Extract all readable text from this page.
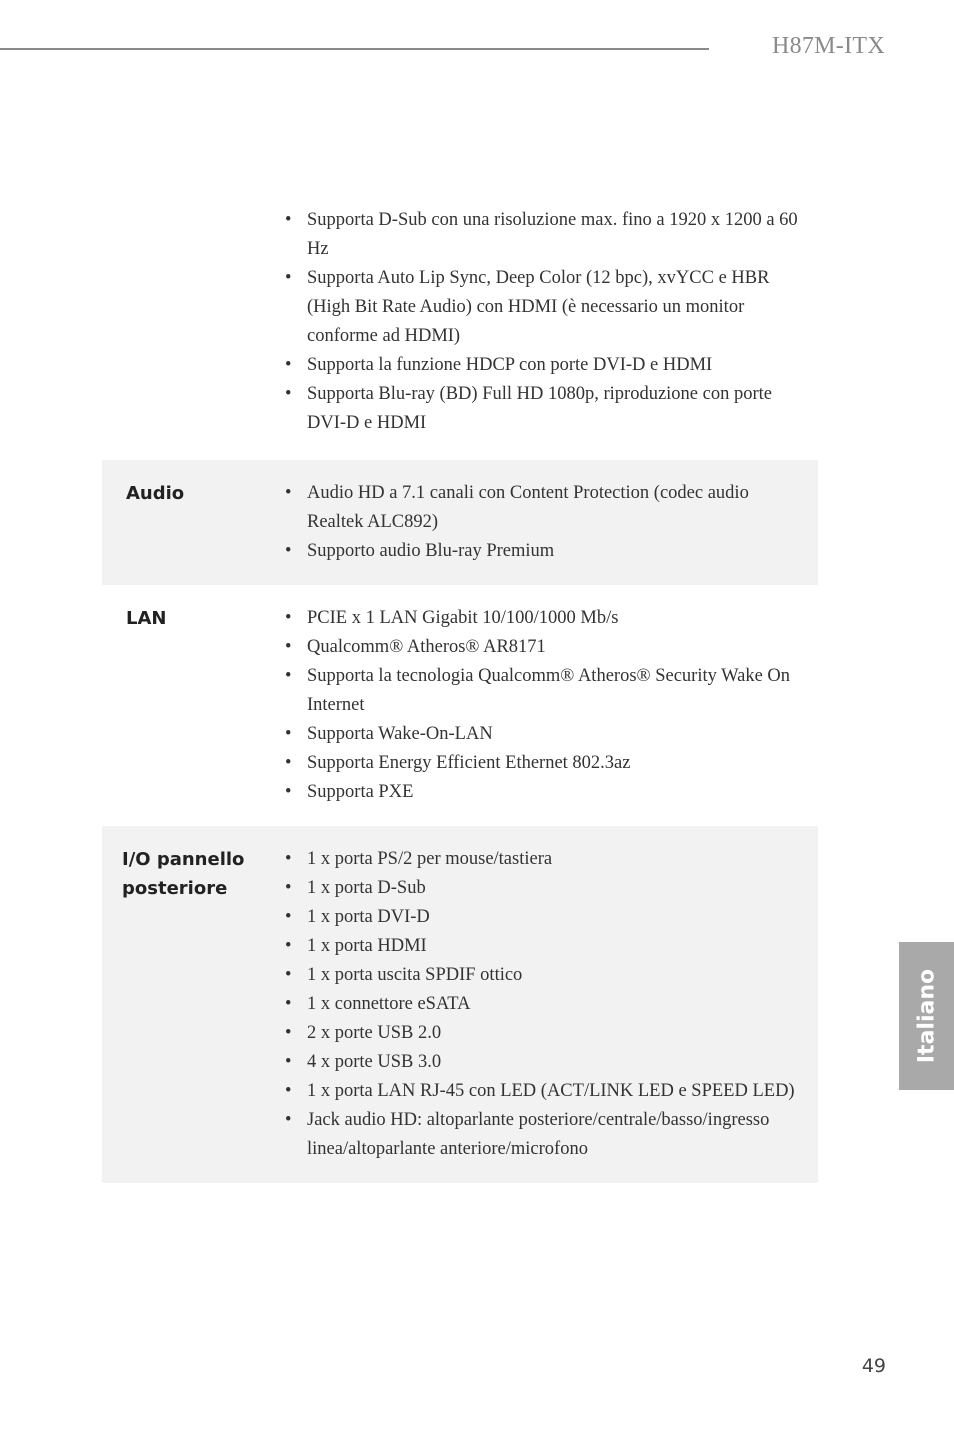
H87M-ITX
• Supporta D-Sub con una risoluzione max. fino a 1920 x 1200 a 60 Hz
• Supporta Auto Lip Sync, Deep Color (12 bpc), xvYCC e HBR (High Bit Rate Audio) con HDMI (è necessario un monitor conforme ad HDMI)
• Supporta la funzione HDCP con porte DVI-D e HDMI
• Supporta Blu-ray (BD) Full HD 1080p, riproduzione con porte DVI-D e HDMI
Audio	• Audio HD a 7.1 canali con Content Protection (codec audio Realtek ALC892)
• Supporto audio Blu-ray Premium
LAN	• PCIE x 1 LAN Gigabit 10/100/1000 Mb/s
• Qualcomm® Atheros® AR8171
• Supporta la tecnologia Qualcomm® Atheros® Security Wake On Internet
• Supporta Wake-On-LAN
• Supporta Energy Efficient Ethernet 802.3az
• Supporta PXE
I/O pannello posteriore
• 1 x porta PS/2 per mouse/tastiera
• 1 x porta D-Sub
• 1 x porta DVI-D
• 1 x porta HDMI
• 1 x porta uscita SPDIF ottico
• 1 x connettore eSATA
• 2 x porte USB 2.0
• 4 x porte USB 3.0
• 1 x porta LAN RJ-45 con LED (ACT/LINK LED e SPEED LED)
• Jack audio HD: altoparlante posteriore/centrale/basso/ingresso linea/altoparlante anteriore/microfono
Italiano
49
